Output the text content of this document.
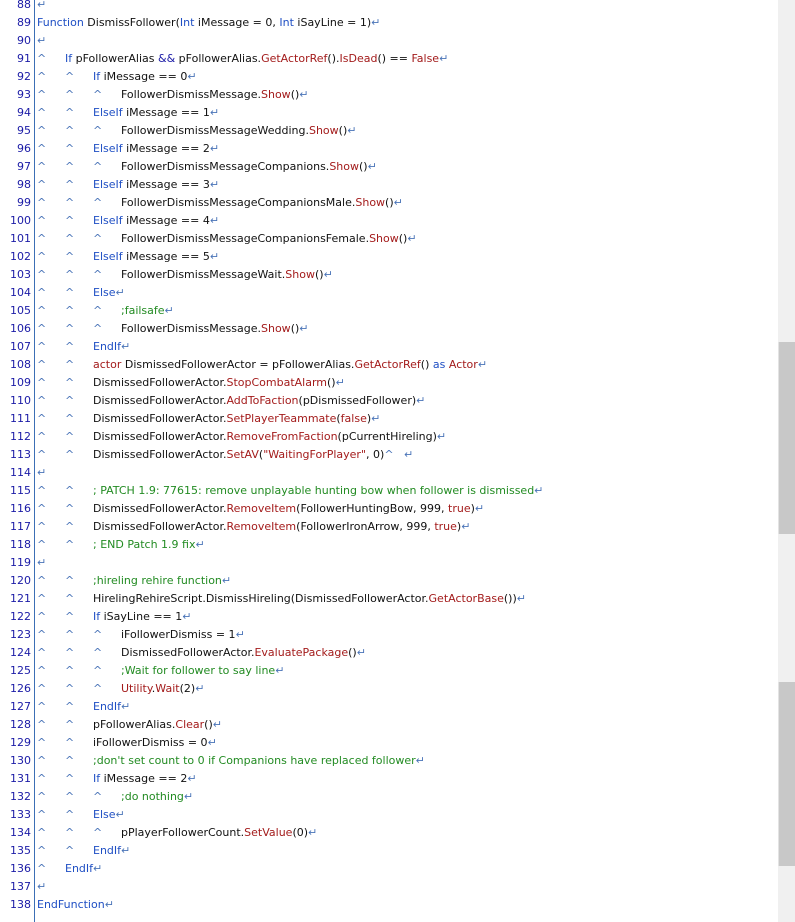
88 ↵
89 Function DismissFollower(Int iMessage = 0, Int iSayLine = 1)↵
90 ↵
91 ^ If pFollowerAlias && pFollowerAlias.GetActorRef().IsDead() == False↵
92 ^ ^ If iMessage == 0↵
93 ^ ^ ^ FollowerDismissMessage.Show()↵
94 ^ ^ ElseIf iMessage == 1↵
95 ^ ^ ^ FollowerDismissMessageWedding.Show()↵
96 ^ ^ ElseIf iMessage == 2↵
97 ^ ^ ^ FollowerDismissMessageCompanions.Show()↵
98 ^ ^ ElseIf iMessage == 3↵
99 ^ ^ ^ FollowerDismissMessageCompanionsMale.Show()↵
100 ^ ^ ElseIf iMessage == 4↵
101 ^ ^ ^ FollowerDismissMessageCompanionsFemale.Show()↵
102 ^ ^ ElseIf iMessage == 5↵
103 ^ ^ ^ FollowerDismissMessageWait.Show()↵
104 ^ ^ Else↵
105 ^ ^ ^ ;failsafe↵
106 ^ ^ ^ FollowerDismissMessage.Show()↵
107 ^ ^ EndIf↵
108 ^ ^ actor DismissedFollowerActor = pFollowerAlias.GetActorRef() as Actor↵
109 ^ ^ DismissedFollowerActor.StopCombatAlarm()↵
110 ^ ^ DismissedFollowerActor.AddToFaction(pDismissedFollower)↵
111 ^ ^ DismissedFollowerActor.SetPlayerTeammate(false)↵
112 ^ ^ DismissedFollowerActor.RemoveFromFaction(pCurrentHireling)↵
113 ^ ^ DismissedFollowerActor.SetAV("WaitingForPlayer", 0)^ ↵
114 ↵
115 ^ ^ ; PATCH 1.9: 77615: remove unplayable hunting bow when follower is dismissed↵
116 ^ ^ DismissedFollowerActor.RemoveItem(FollowerHuntingBow, 999, true)↵
117 ^ ^ DismissedFollowerActor.RemoveItem(FollowerIronArrow, 999, true)↵
118 ^ ^ ; END Patch 1.9 fix↵
119 ↵
120 ^ ^ ;hireling rehire function↵
121 ^ ^ HirelingRehireScript.DismissHireling(DismissedFollowerActor.GetActorBase())↵
122 ^ ^ If iSayLine == 1↵
123 ^ ^ ^ iFollowerDismiss = 1↵
124 ^ ^ ^ DismissedFollowerActor.EvaluatePackage()↵
125 ^ ^ ^ ;Wait for follower to say line↵
126 ^ ^ ^ Utility.Wait(2)↵
127 ^ ^ EndIf↵
128 ^ ^ pFollowerAlias.Clear()↵
129 ^ ^ iFollowerDismiss = 0↵
130 ^ ^ ;don't set count to 0 if Companions have replaced follower↵
131 ^ ^ If iMessage == 2↵
132 ^ ^ ^ ;do nothing↵
133 ^ ^ Else↵
134 ^ ^ ^ pPlayerFollowerCount.SetValue(0)↵
135 ^ ^ EndIf↵
136 ^ EndIf↵
137 ↵
138 EndFunction↵
